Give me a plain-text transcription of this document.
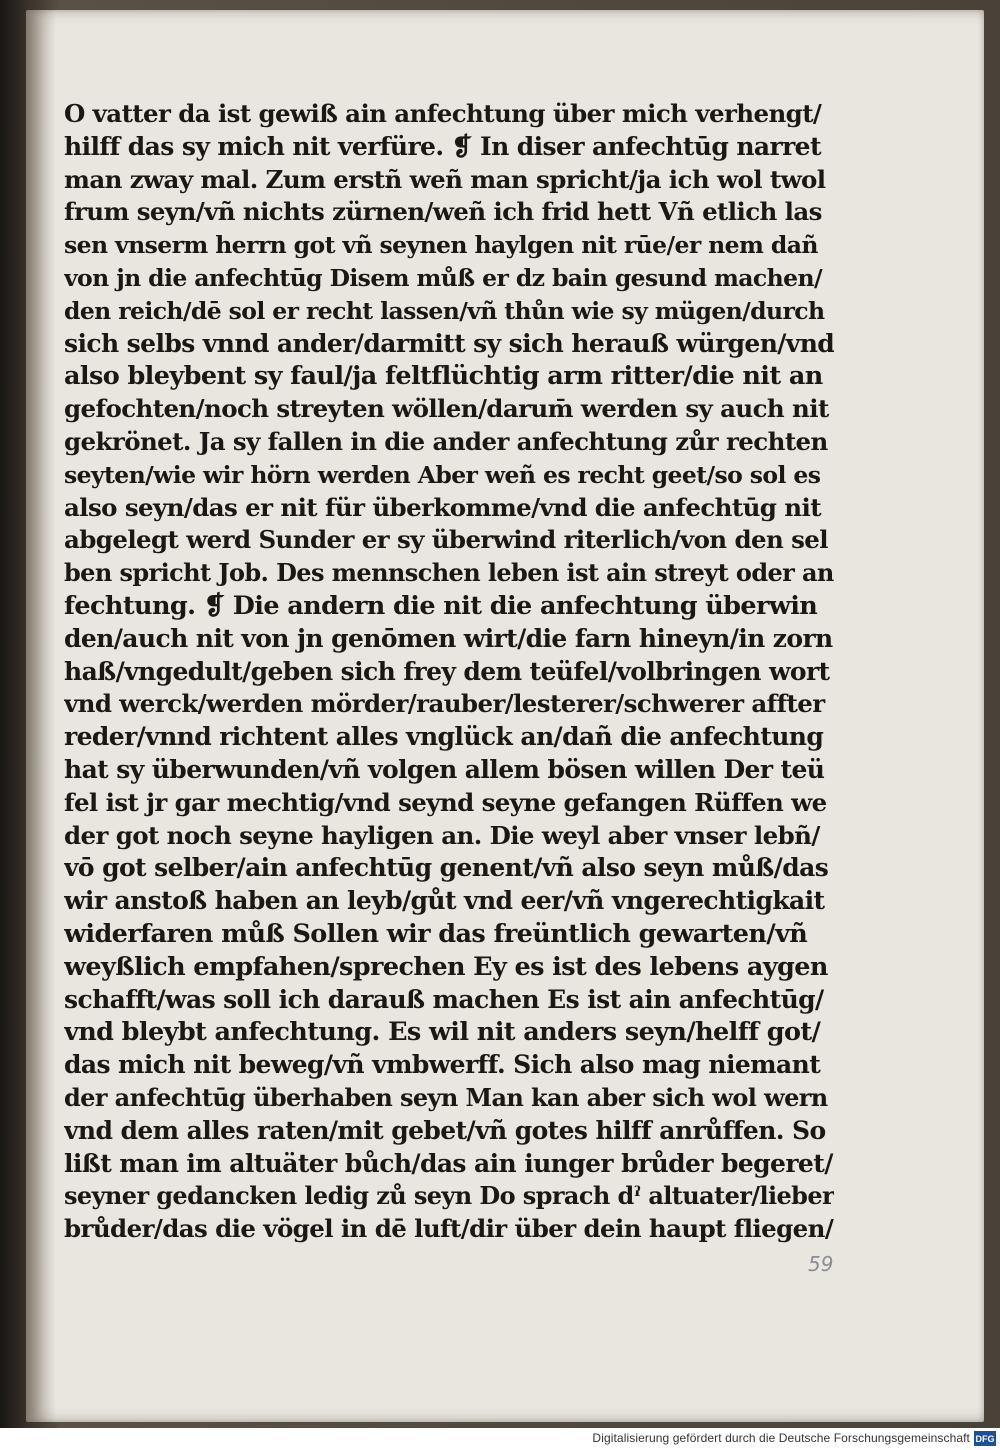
O vatter da ist gewiß ain anfechtung über mich verhengt/
hilff das sy mich nit verfüre. ❡ In diser anfechtūg narret
man zway mal. Zum erstñ weñ man spricht/ja ich wol twol
frum seyn/vñ nichts zürnen/weñ ich frid hett Vñ etlich las
sen vnserm herrn got vñ seynen haylgen nit rūe/er nem dañ
von jn die anfechtūg Disem můß er dz bain gesund machen/
den reich/dē sol er recht lassen/vñ thůn wie sy mügen/durch
sich selbs vnnd ander/darmitt sy sich herauß würgen/vnd
also bleybent sy faul/ja feltflüchtig arm ritter/die nit an
gefochten/noch streyten wöllen/darum̄ werden sy auch nit
gekrönet. Ja sy fallen in die ander anfechtung zůr rechten
seyten/wie wir hörn werden Aber weñ es recht geet/so sol es
also seyn/das er nit für überkomme/vnd die anfechtūg nit
abgelegt werd Sunder er sy überwind riterlich/von den sel
ben spricht Job. Des mennschen leben ist ain streyt oder an
fechtung. ❡ Die andern die nit die anfechtung überwin
den/auch nit von jn genōmen wirt/die farn hineyn/in zorn
haß/vngedult/geben sich frey dem teüfel/volbringen wort
vnd werck/werden mörder/rauber/lesterer/schwerer affter
reder/vnnd richtent alles vnglück an/dañ die anfechtung
hat sy überwunden/vñ volgen allem bösen willen Der teü
fel ist jr gar mechtig/vnd seynd seyne gefangen Rüffen we
der got noch seyne hayligen an. Die weyl aber vnser lebñ/
vō got selber/ain anfechtūg genent/vñ also seyn můß/das
wir anstoß haben an leyb/gůt vnd eer/vñ vngerechtigkait
widerfaren můß Sollen wir das freüntlich gewarten/vñ
weyßlich empfahen/sprechen Ey es ist des lebens aygen
schafft/was soll ich darauß machen Es ist ain anfechtūg/
vnd bleybt anfechtung. Es wil nit anders seyn/helff got/
das mich nit beweg/vñ vmbwerff. Sich also mag niemant
der anfechtūg überhaben seyn Man kan aber sich wol wern
vnd dem alles raten/mit gebet/vñ gotes hilff anrůffen. So
lißt man im altuäter bůch/das ain iunger brůder begeret/
seyner gedancken ledig zů seyn Do sprach dˀ altuater/lieber
brůder/das die vögel in dē luft/dir über dein haupt fliegen/
59
Digitalisierung gefördert durch die Deutsche Forschungsgemeinschaft DFG
